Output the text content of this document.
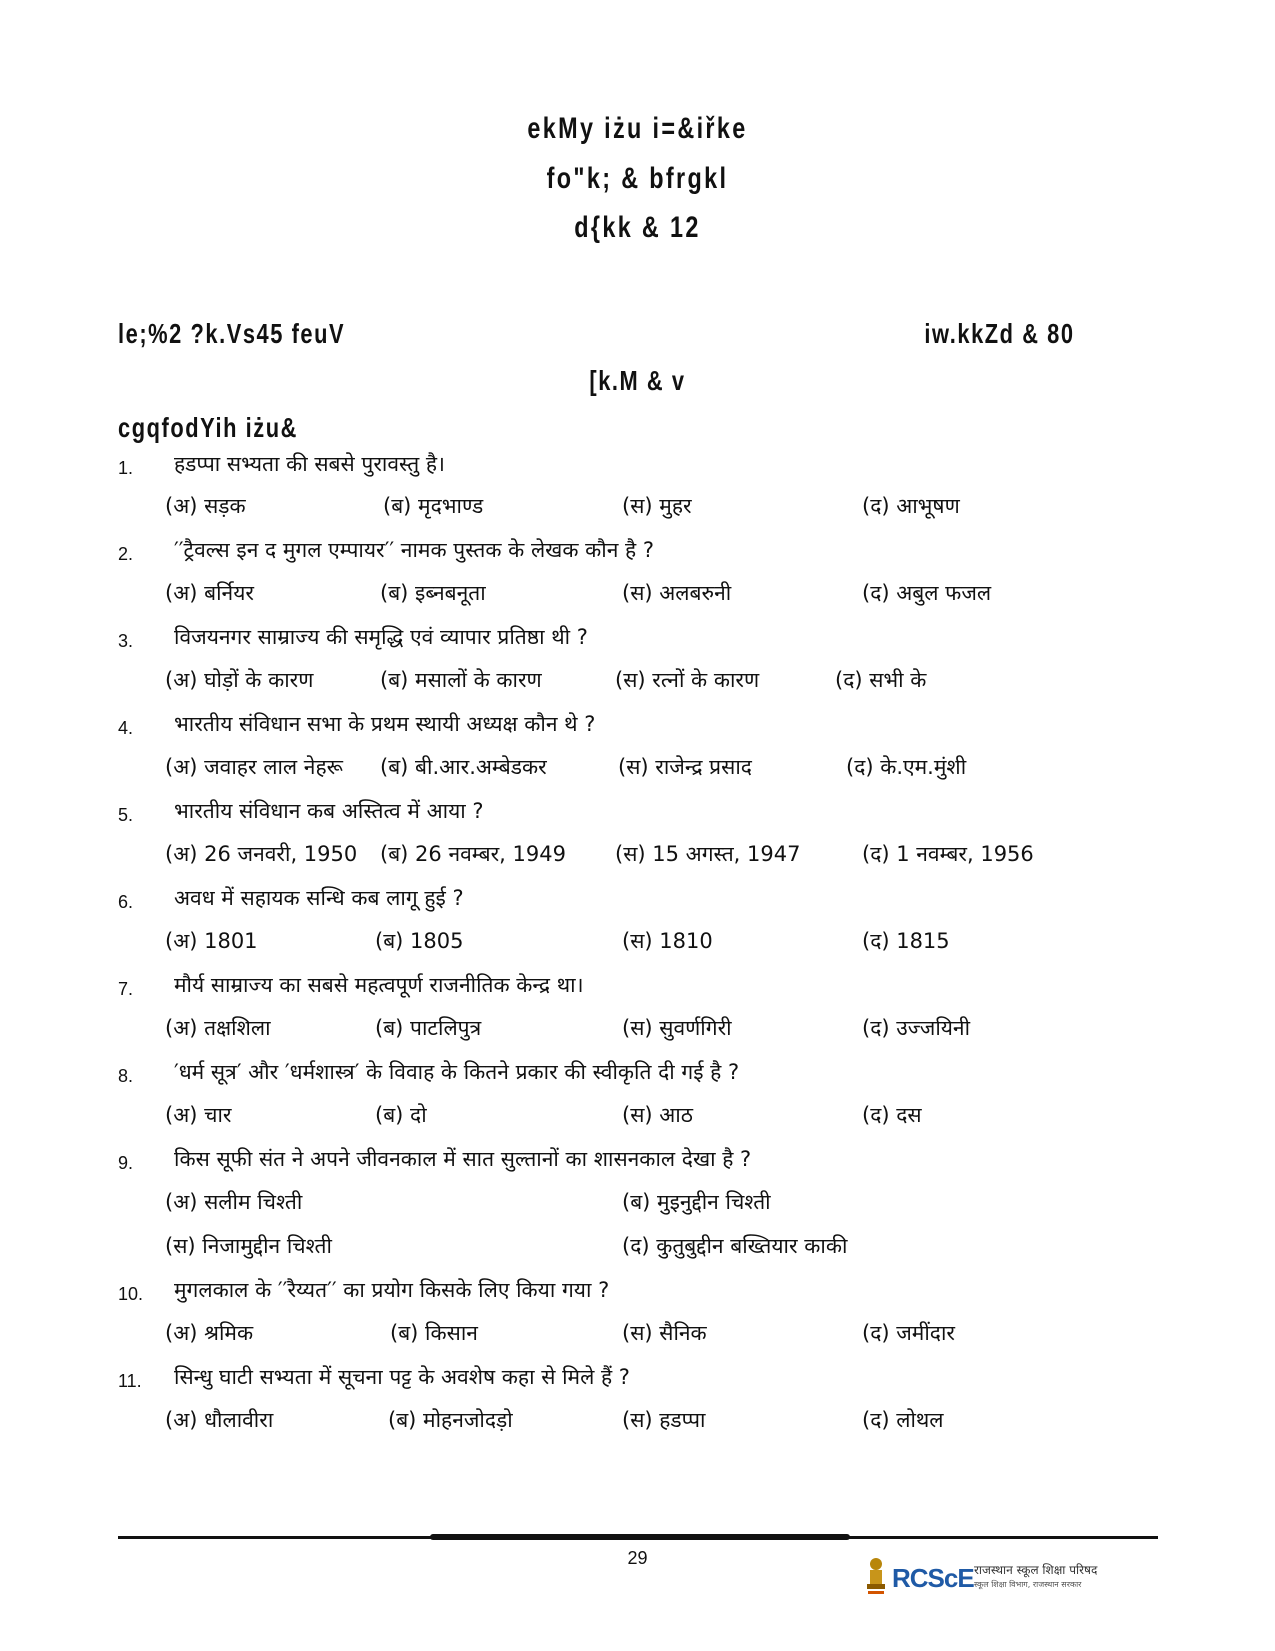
ekMy iżu i=&iřke
fo"k; & bfrgkl
d{kk & 12
le;%2 ?k.Vs45 feuV	iw.kkZd & 80
[k.M & v
cgqfodYih iżu&
1. हडप्पा सभ्यता की सबसे पुरावस्तु है।
(अ) सड़क	(ब) मृदभाण्ड	(स) मुहर	(द) आभूषण
2. ′′ट्रैवल्स इन द मुगल एम्पायर′′ नामक पुस्तक के लेखक कौन है ?
(अ) बर्नियर	(ब) इब्नबनूता	(स) अलबरुनी	(द) अबुल फजल
3. विजयनगर साम्राज्य की समृद्धि एवं व्यापार प्रतिष्ठा थी ?
(अ) घोड़ों के कारण	(ब) मसालों के कारण	(स) रत्नों के कारण	(द) सभी के
4. भारतीय संविधान सभा के प्रथम स्थायी अध्यक्ष कौन थे ?
(अ) जवाहर लाल नेहरू (ब) बी.आर.अम्बेडकर	(स) राजेन्द्र प्रसाद	(द) के.एम.मुंशी
5. भारतीय संविधान कब अस्तित्व में आया ?
(अ) 26 जनवरी, 1950 (ब) 26 नवम्बर, 1949 (स) 15 अगस्त, 1947	(द) 1 नवम्बर, 1956
6. अवध में सहायक सन्धि कब लागू हुई ?
(अ) 1801	(ब) 1805	(स) 1810	(द) 1815
7. मौर्य साम्राज्य का सबसे महत्वपूर्ण राजनीतिक केन्द्र था।
(अ) तक्षशिला	(ब) पाटलिपुत्र	(स) सुवर्णगिरी	(द) उज्जयिनी
8. ′धर्म सूत्र′ और ′धर्मशास्त्र′ के विवाह के कितने प्रकार की स्वीकृति दी गई है ?
(अ) चार	(ब) दो	(स) आठ	(द) दस
9. किस सूफी संत ने अपने जीवनकाल में सात सुल्तानों का शासनकाल देखा है ?
(अ) सलीम चिश्ती	(ब) मुइनुद्दीन चिश्ती
(स) निजामुद्दीन चिश्ती	(द) कुतुबुद्दीन बख्तियार काकी
10. मुगलकाल के ′′रैय्यत′′ का प्रयोग किसके लिए किया गया ?
(अ) श्रमिक	(ब) किसान	(स) सैनिक	(द) जमींदार
11. सिन्धु घाटी सभ्यता में सूचना पट्ट के अवशेष कहा से मिले हैं ?
(अ) धौलावीरा	(ब) मोहनजोदड़ो	(स) हडप्पा	(द) लोथल
29
RCScE राजस्थान स्कूल शिक्षा परिषद
स्कूल शिक्षा विभाग, राजस्थान सरकार
